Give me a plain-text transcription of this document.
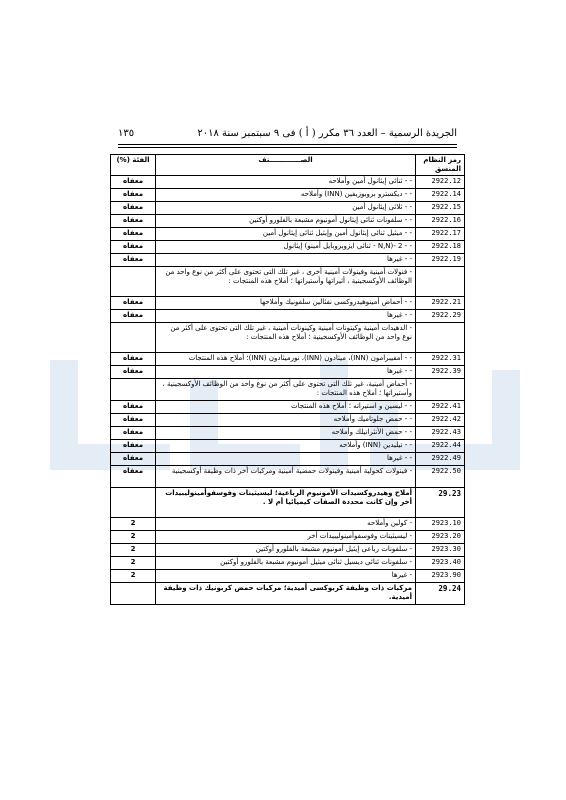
الجريدة الرسمية – العدد ٣٦ مكرر ( أ ) فى ٩ سبتمبر سنة ٢٠١٨
١٣٥
رمز النظام المنسق	الصـــــــــــــنف	الفئة (%)
2922.12	- - ثنائى إيثانول أمين وأملاحه	معفاه
2922.14	- - ديكسترو بروبوزيفين (INN) وأملاحه	معفاه
2922.15	- - ثلاثى إيثانول أمين	معفاه
2922.16	- - سلفونات ثنائى إيثانول أمونيوم مشبعة بالفلورو أوكتين	معفاه
2922.17	- - ميثيل ثنائى إيثانول أمين وإيثيل ثنائى إيثانول أمين	معفاه
2922.18	- - 2 -(N,N - ثنائى ايزوبروبايل أمينو) إيثانول	معفاه
2922.19	- - غيرها	معفاه
	- فنولات أمينية وفينولات أمينية أخرى ، غير تلك التى تحتوى على أكثر من نوع واحد من الوظائف الأوكسجينية ، أثيراتها وأستيراتها ؛ أملاح هذه المنتجات :	
2922.21	- - أحماض أمينوهيدروكسى نفثالين سلفونيك وأملاحها	معفاه
2922.29	- - غيرها	معفاه
	- الدهيدات أمينية وكيتونات أمينية وكينونات أمينية ، غير تلك التى تحتوى على أكثر من نوع واحد من الوظائف الأوكسجينية ؛ أملاح هذه المنتجات :	
2922.31	- - أمفيبرامون (INN)، ميثادون (INN)، نورميثادون (INN)؛ أملاح هذه المنتجات	معفاه
2922.39	- - غيرها	معفاه
	- أحماض أمينية، غير تلك التى تحتوى على أكثر من نوع واحد من الوظائف الأوكسجينية ، وأستيراتها ؛ أملاح هذه المنتجات :	
2922.41	- - ليسين و استيراته ؛ أملاح هذه المنتجات	معفاه
2922.42	- - حمض جلوتاميك وأملاحه	معفاه
2922.43	- - حمض الأنثرانيلك وأملاحه	معفاه
2922.44	- - تيليدين (INN) وأملاحه	معفاه
2922.49	- - غيرها	معفاه
2922.50	- فينولات كحولية أمينية وفينولات حمضية أمينية ومركبات أخر ذات وظيفة أوكسجينية	معفاه
29.23	أملاح وهيدروكسيدات الأمونيوم الرباعية؛ ليسيثينات وفوسفوأمينوليبيدات أخر وإن كانت محددة الصفات كيميائيا أم لا .	
2923.10	- كولين وأملاحه	2
2923.20	- ليسيثينات وفوسفوأمينوليبيدات أخر	2
2923.30	- سلفونات رباعى إيثيل أمونيوم مشبعة بالفلورو أوكتين	2
2923.40	- سلفونات ثنائى ديسيل ثنائى ميثيل أمونيوم مشبعة بالفلورو أوكتين	2
2923.90	- غيرها	2
29.24	مركبات ذات وظيفة كربوكسى أميدية؛ مركبات حمض كربونيك ذات وظيفة أميدية.	
